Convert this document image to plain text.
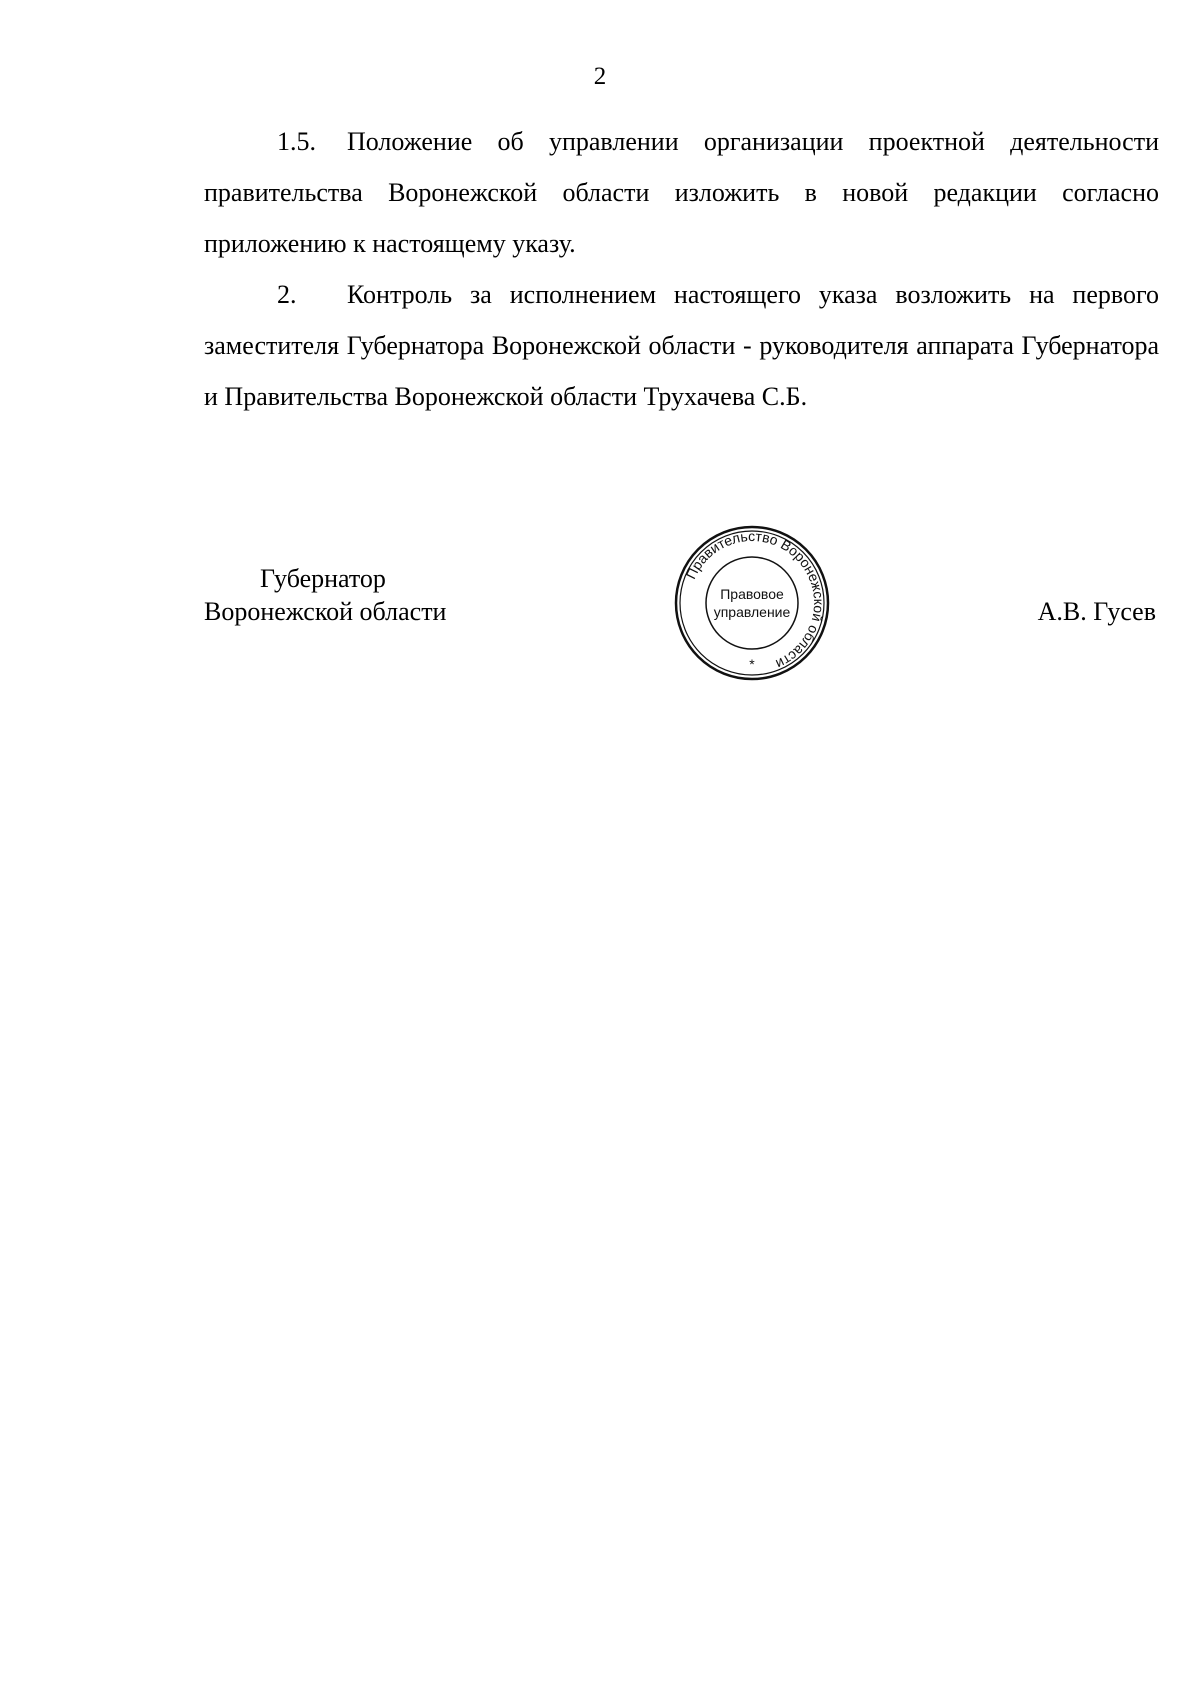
2

1.5. Положение об управлении организации проектной деятельности правительства Воронежской области изложить в новой редакции согласно приложению к настоящему указу.

2. Контроль за исполнением настоящего указа возложить на первого заместителя Губернатора Воронежской области - руководителя аппарата Губернатора и Правительства Воронежской области Трухачева С.Б.

Губернатор
Воронежской области
Правительство Воронежской области
Правовое
управление
*
А.В. Гусев
